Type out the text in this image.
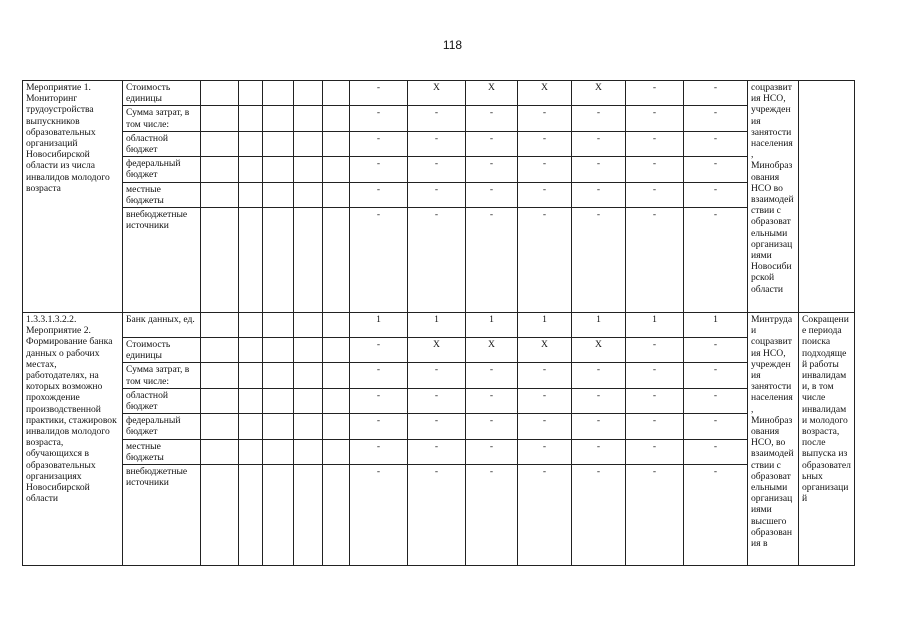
118
Мероприятие 1. Мониторинг трудоустройства выпускников образовательных организаций Новосибирской области из числа инвалидов молодого возраста	Стоимость единицы						-	X	X	X	X	-	-	соцразвития НСО, учреждения занятости населения, Минобразования НСО во взаимодействии с образовательными организациями Новосибирской области	
	Сумма затрат, в том числе:						-	-	-	-	-	-	-		
	областной бюджет						-	-	-	-	-	-	-		
	федеральный бюджет						-	-	-	-	-	-	-		
	местные бюджеты						-	-	-	-	-	-	-		
	внебюджетные источники						-	-	-	-	-	-	-		
1.3.3.1.3.2.2. Мероприятие 2. Формирование банка данных о рабочих местах, работодателях, на которых возможно прохождение производственной практики, стажировок инвалидов молодого возраста, обучающихся в образовательных организациях Новосибирской области	Банк данных, ед.						1	1	1	1	1	1	1	Минтруда и соцразвития НСО, учреждения занятости населения, Минобразования НСО, во взаимодействии с образовательными организациями высшего образования в	Сокращение периода поиска подходящей работы инвалидами, в том числе инвалидами молодого возраста, после выпуска из образовательных организаций
	Стоимость единицы						-	X	X	X	X	-	-		
	Сумма затрат, в том числе:						-	-	-	-	-	-	-		
	областной бюджет						-	-	-	-	-	-	-		
	федеральный бюджет						-	-	-	-	-	-	-		
	местные бюджеты						-	-	-	-	-	-	-		
	внебюджетные источники						-	-	-	-	-	-	-		
